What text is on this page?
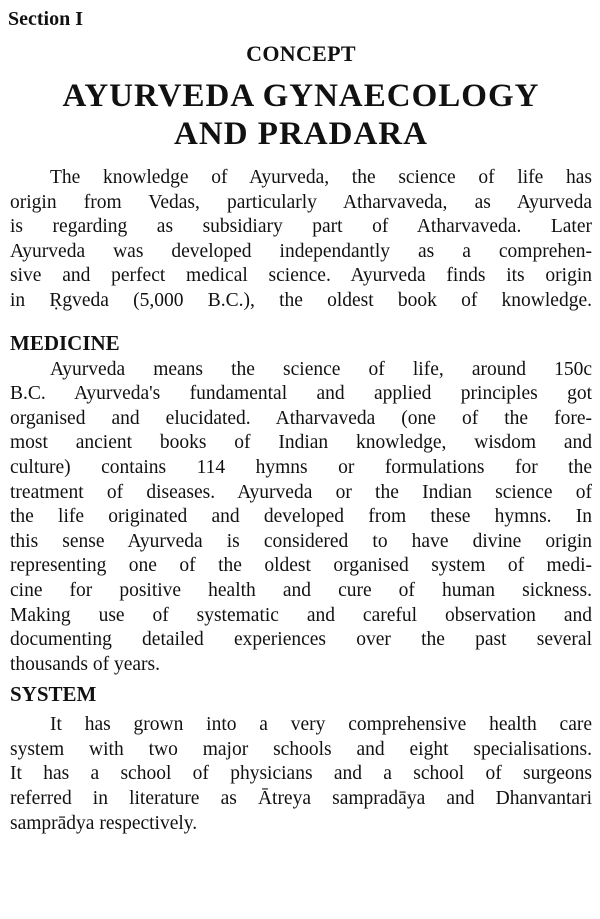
Section I
CONCEPT
AYURVEDA GYNAECOLOGY
AND PRADARA

The knowledge of Ayurveda, the science of life has
origin from Vedas, particularly Atharvaveda, as Ayurveda
is regarding as subsidiary part of Atharvaveda. Later
Ayurveda was developed independantly as a comprehen-
sive and perfect medical science. Ayurveda finds its origin
in Ṛgveda (5,000 B.C.), the oldest book of knowledge.

MEDICINE

Ayurveda means the science of life, around 150c
B.C. Ayurveda's fundamental and applied principles got
organised and elucidated. Atharvaveda (one of the fore-
most ancient books of Indian knowledge, wisdom and
culture) contains 114 hymns or formulations for the
treatment of diseases. Ayurveda or the Indian science of
the life originated and developed from these hymns. In
this sense Ayurveda is considered to have divine origin
representing one of the oldest organised system of medi-
cine for positive health and cure of human sickness.
Making use of systematic and careful observation and
documenting detailed experiences over the past several
thousands of years.

SYSTEM

It has grown into a very comprehensive health care
system with two major schools and eight specialisations.
It has a school of physicians and a school of surgeons
referred in literature as Ātreya sampradāya and Dhanvantari
samprādya respectively.
